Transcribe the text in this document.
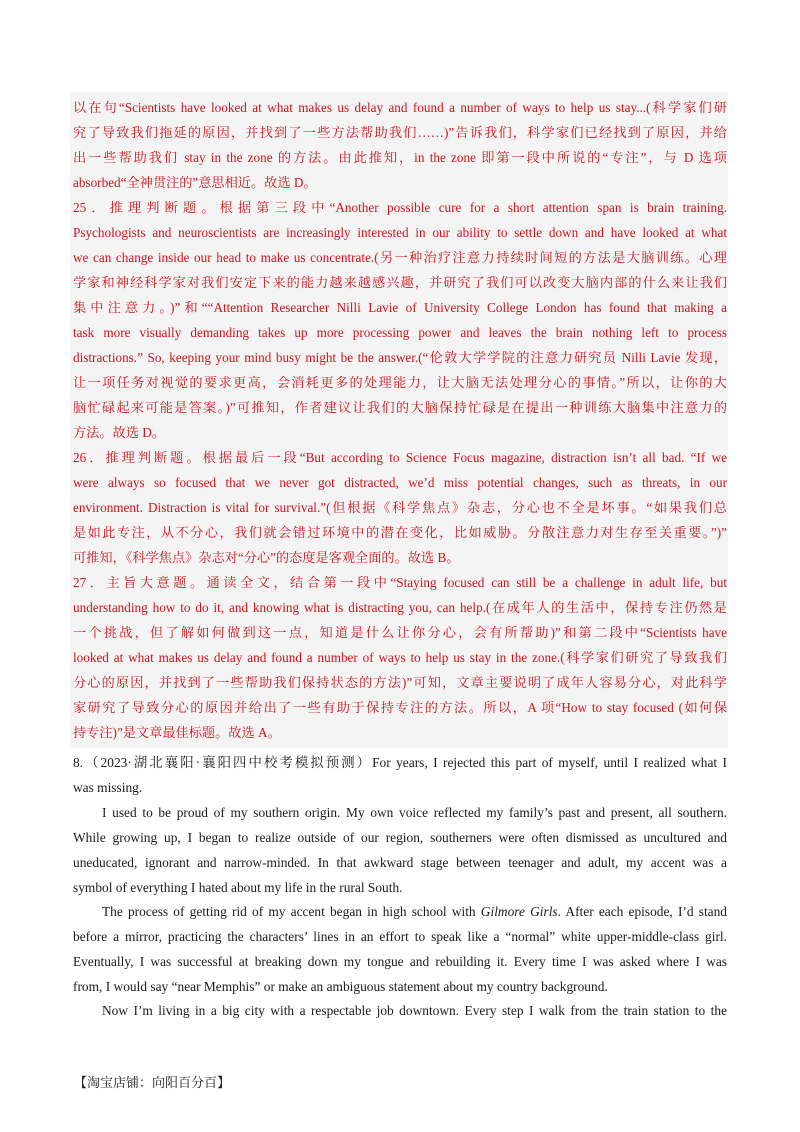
以在句“Scientists have looked at what makes us delay and found a number of ways to help us stay...(科学家们研
究了导致我们拖延的原因，并找到了一些方法帮助我们……)”告诉我们，科学家们已经找到了原因，并给
出一些帮助我们 stay in the zone 的方法。由此推知，in the zone 即第一段中所说的“专注”，与 D 选项
absorbed“全神贯注的”意思相近。故选 D。
25．推理判断题。根据第三段中“Another possible cure for a short attention span is brain training.
Psychologists and neuroscientists are increasingly interested in our ability to settle down and have looked at what
we can change inside our head to make us concentrate.(另一种治疗注意力持续时间短的方法是大脑训练。心理
学家和神经科学家对我们安定下来的能力越来越感兴趣，并研究了我们可以改变大脑内部的什么来让我们
集中注意力。)”和““Attention Researcher Nilli Lavie of University College London has found that making a
task more visually demanding takes up more processing power and leaves the brain nothing left to process
distractions.” So, keeping your mind busy might be the answer.(“伦敦大学学院的注意力研究员 Nilli Lavie 发现，
让一项任务对视觉的要求更高，会消耗更多的处理能力，让大脑无法处理分心的事情。”所以，让你的大
脑忙碌起来可能是答案。)”可推知，作者建议让我们的大脑保持忙碌是在提出一种训练大脑集中注意力的
方法。故选 D。
26．推理判断题。根据最后一段“But according to Science Focus magazine, distraction isn’t all bad. “If we
were always so focused that we never got distracted, we’d miss potential changes, such as threats, in our
environment. Distraction is vital for survival.”(但根据《科学焦点》杂志，分心也不全是坏事。“如果我们总
是如此专注，从不分心，我们就会错过环境中的潜在变化，比如威胁。分散注意力对生存至关重要。”)”
可推知，《科学焦点》杂志对“分心”的态度是客观全面的。故选 B。
27．主旨大意题。通读全文，结合第一段中“Staying focused can still be a challenge in adult life, but
understanding how to do it, and knowing what is distracting you, can help.(在成年人的生活中，保持专注仍然是
一个挑战，但了解如何做到这一点，知道是什么让你分心，会有所帮助)”和第二段中“Scientists have
looked at what makes us delay and found a number of ways to help us stay in the zone.(科学家们研究了导致我们
分心的原因，并找到了一些帮助我们保持状态的方法)”可知，文章主要说明了成年人容易分心，对此科学
家研究了导致分心的原因并给出了一些有助于保持专注的方法。所以，A 项“How to stay focused (如何保
持专注)”是文章最佳标题。故选 A。
8.（2023·湖北襄阳·襄阳四中校考模拟预测）For years, I rejected this part of myself, until I realized what I
was missing.
I used to be proud of my southern origin. My own voice reflected my family’s past and present, all southern.
While growing up, I began to realize outside of our region, southerners were often dismissed as uncultured and
uneducated, ignorant and narrow-minded. In that awkward stage between teenager and adult, my accent was a
symbol of everything I hated about my life in the rural South.
The process of getting rid of my accent began in high school with Gilmore Girls. After each episode, I’d stand
before a mirror, practicing the characters’ lines in an effort to speak like a “normal” white upper-middle-class girl.
Eventually, I was successful at breaking down my tongue and rebuilding it. Every time I was asked where I was
from, I would say “near Memphis” or make an ambiguous statement about my country background.
Now I’m living in a big city with a respectable job downtown. Every step I walk from the train station to the
【淘宝店铺：向阳百分百】
